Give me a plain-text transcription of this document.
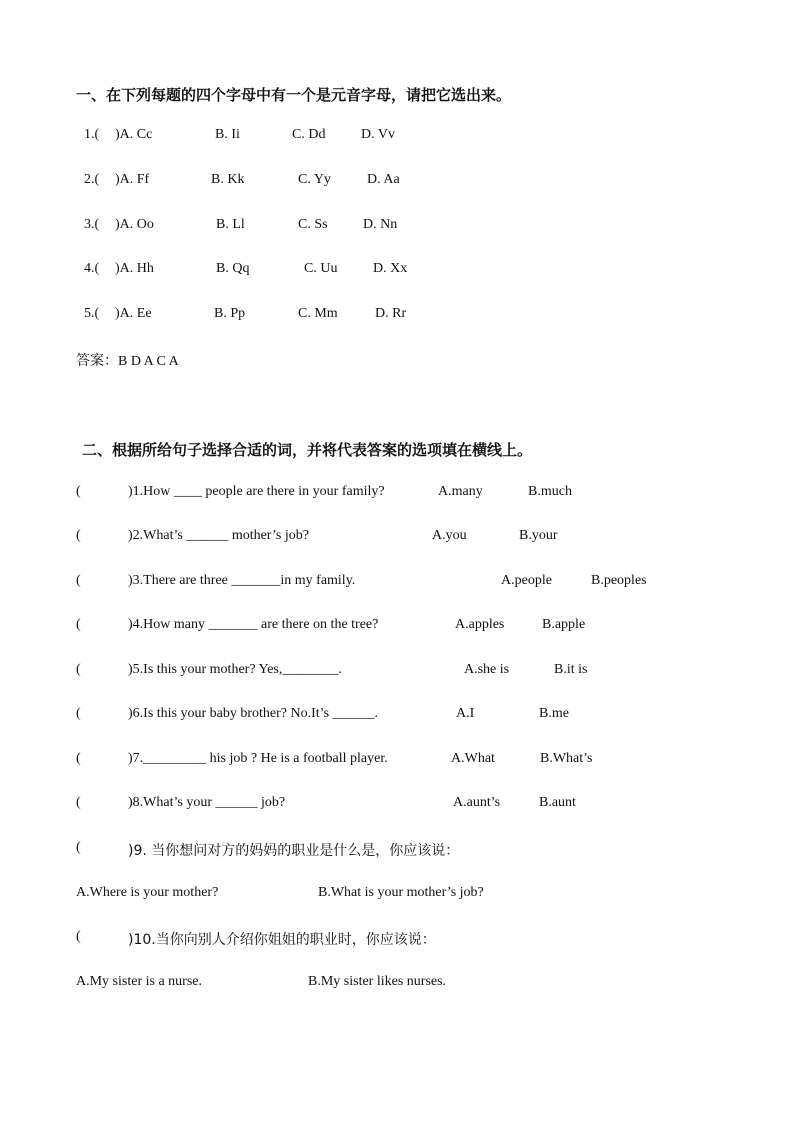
一、在下列每题的四个字母中有一个是元音字母，请把它选出来。
1.( )A. Cc	B. Ii	C. Dd	D. Vv
2.( )A. Ff	B. Kk	C. Yy	D. Aa
3.( )A. Oo	B. Ll	C. Ss	D. Nn
4.( )A. Hh	B. Qq	C. Uu	D. Xx
5.( )A. Ee	B. Pp	C. Mm	D. Rr
答案：B D A C A
二、根据所给句子选择合适的词，并将代表答案的选项填在横线上。
(	)1.How ____ people are there in your family?	A.many	B.much
(	)2.What’s ______ mother’s job?	A.you	B.your
(	)3.There are three _______in my family.	A.people	B.peoples
(	)4.How many _______ are there on the tree?	A.apples	B.apple
(	)5.Is this your mother? Yes,________.	A.she is	B.it is
(	)6.Is this your baby brother? No.It’s ______.	A.I	B.me
(	)7._________ his job ? He is a football player.	A.What	B.What’s
(	)8.What’s your ______ job?	A.aunt’s	B.aunt
(	)9. 当你想问对方的妈妈的职业是什么是，你应该说：
A.Where is your mother?	B.What is your mother’s job?
(	)10.当你向别人介绍你姐姐的职业时，你应该说：
A.My sister is a nurse.	B.My sister likes nurses.
